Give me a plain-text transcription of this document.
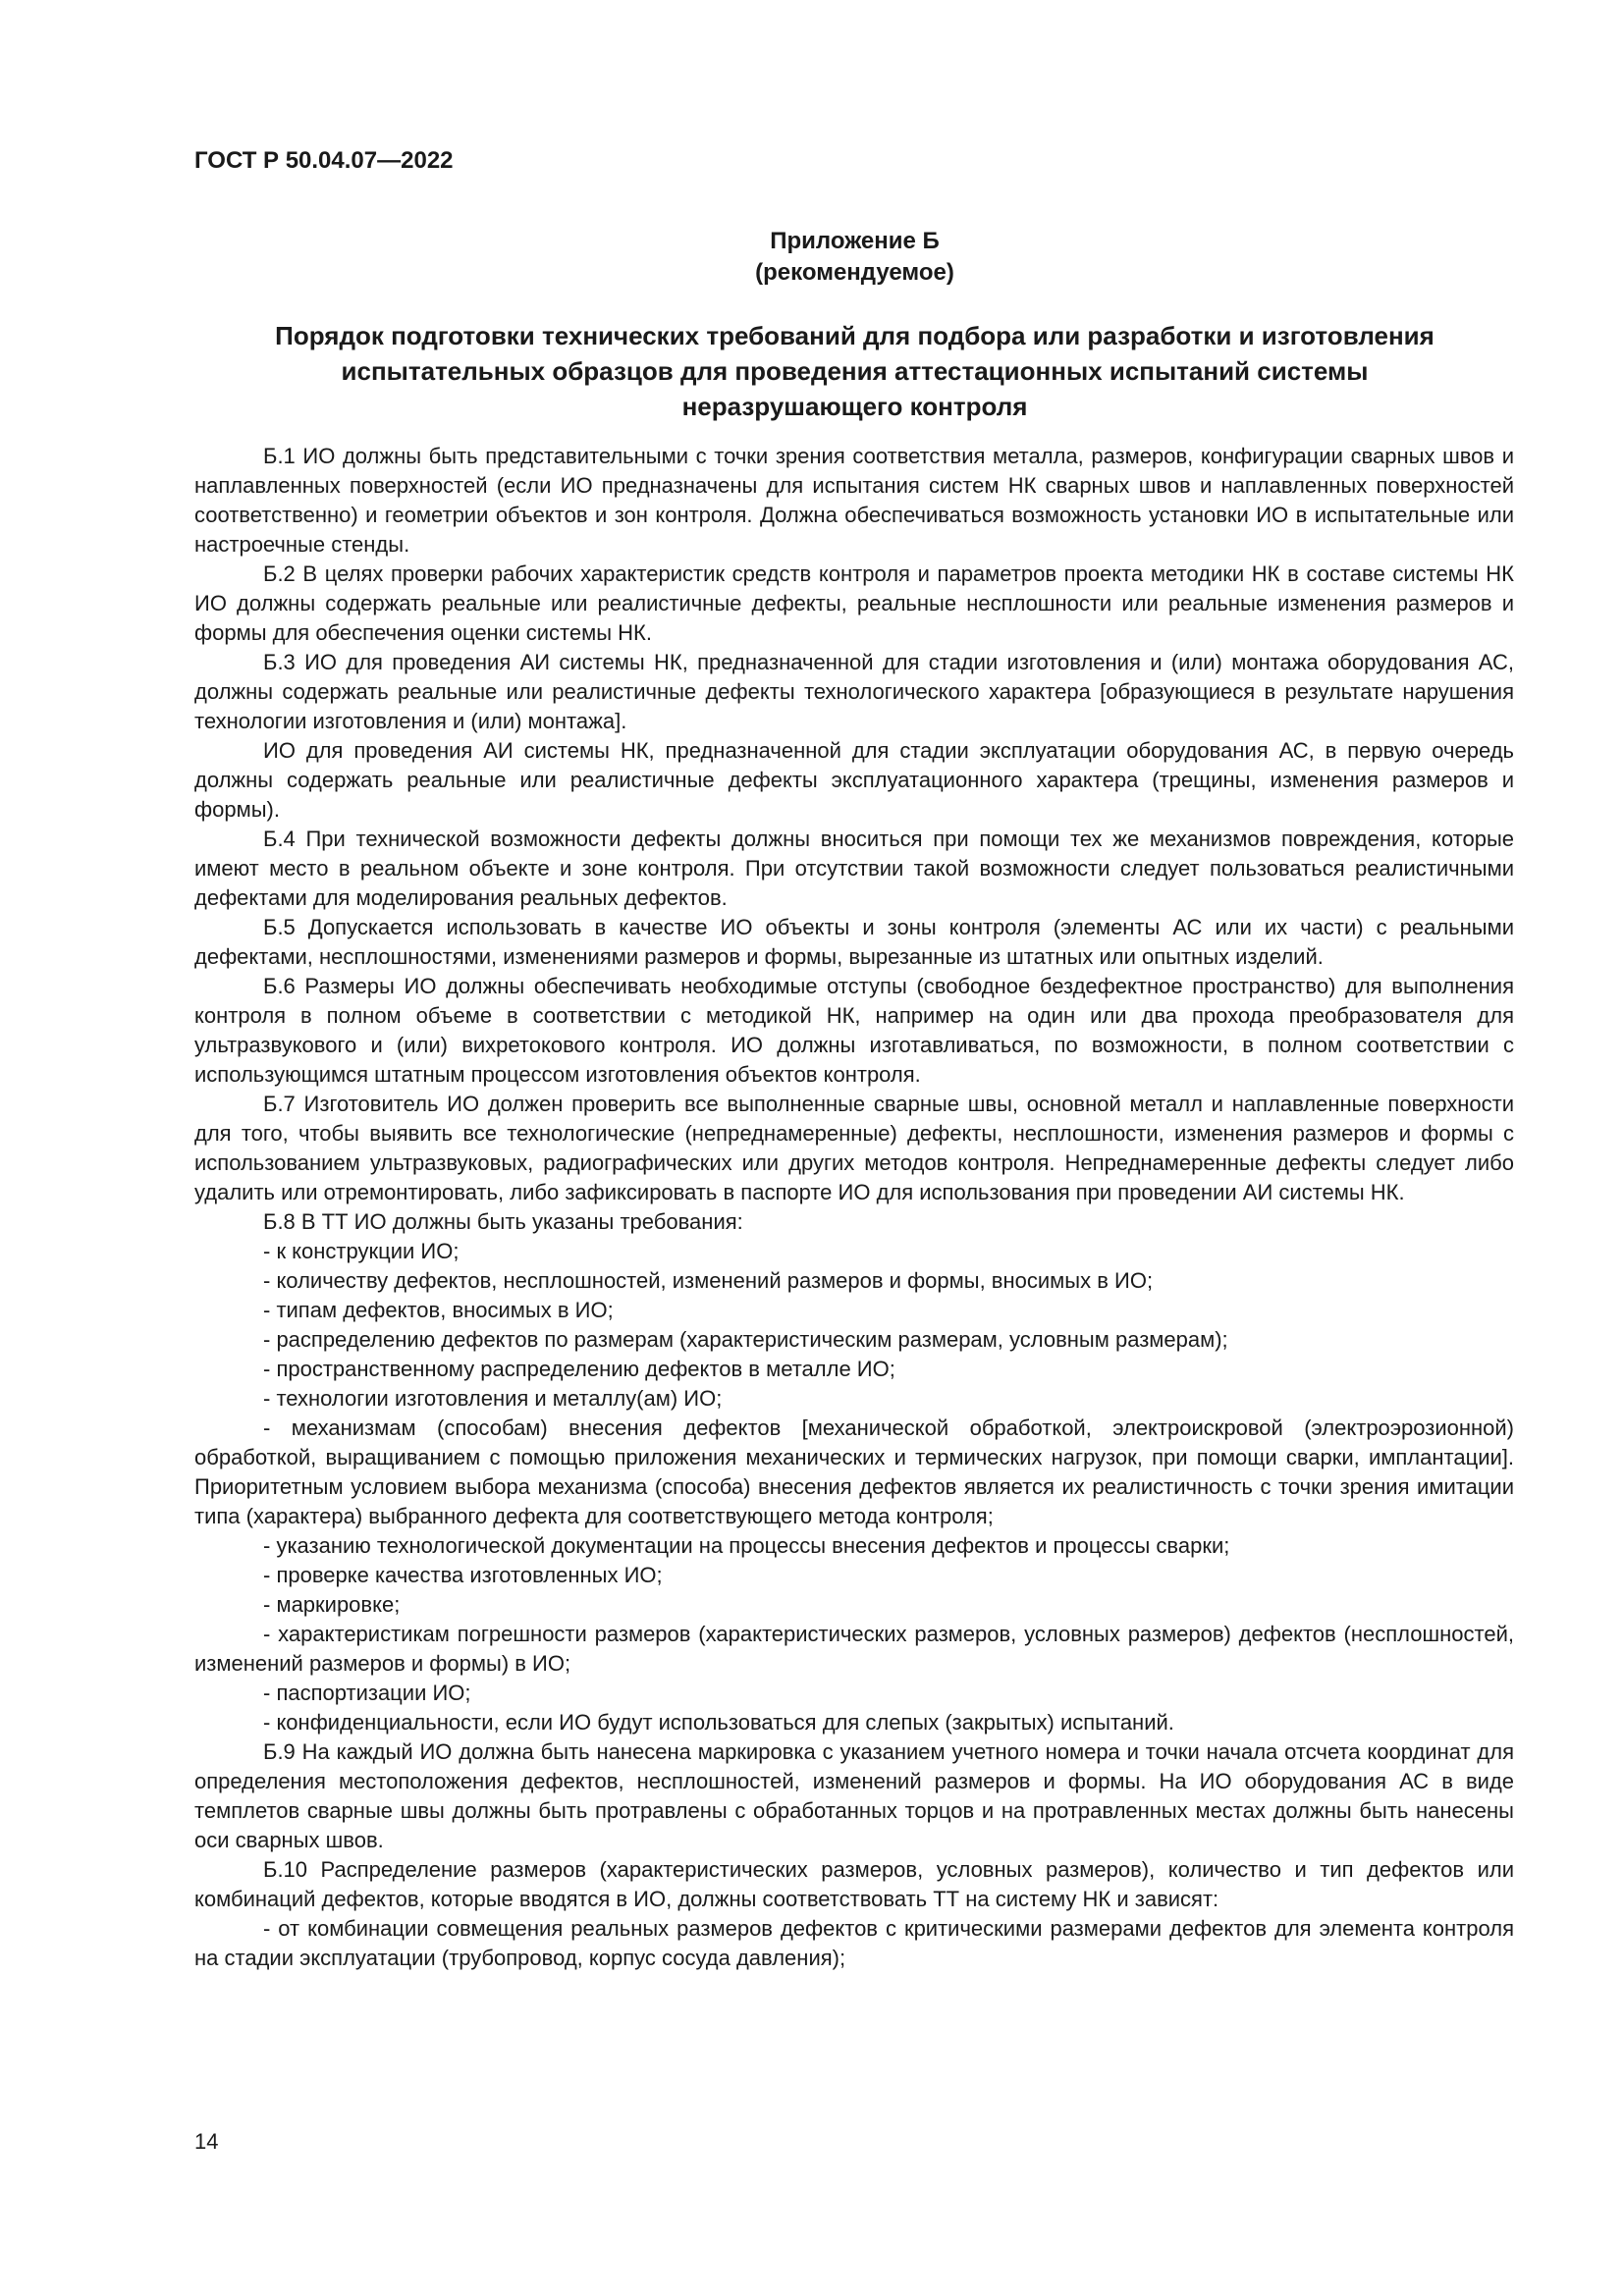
ГОСТ Р 50.04.07—2022
Приложение Б
(рекомендуемое)
Порядок подготовки технических требований для подбора или разработки и изготовления
испытательных образцов для проведения аттестационных испытаний системы
неразрушающего контроля

Б.1 ИО должны быть представительными с точки зрения соответствия металла, размеров, конфигурации сварных швов и наплавленных поверхностей (если ИО предназначены для испытания систем НК сварных швов и наплавленных поверхностей соответственно) и геометрии объектов и зон контроля. Должна обеспечиваться возможность установки ИО в испытательные или настроечные стенды.

Б.2 В целях проверки рабочих характеристик средств контроля и параметров проекта методики НК в составе системы НК ИО должны содержать реальные или реалистичные дефекты, реальные несплошности или реальные изменения размеров и формы для обеспечения оценки системы НК.

Б.3 ИО для проведения АИ системы НК, предназначенной для стадии изготовления и (или) монтажа оборудования АС, должны содержать реальные или реалистичные дефекты технологического характера [образующиеся в результате нарушения технологии изготовления и (или) монтажа].

ИО для проведения АИ системы НК, предназначенной для стадии эксплуатации оборудования АС, в первую очередь должны содержать реальные или реалистичные дефекты эксплуатационного характера (трещины, изменения размеров и формы).

Б.4 При технической возможности дефекты должны вноситься при помощи тех же механизмов повреждения, которые имеют место в реальном объекте и зоне контроля. При отсутствии такой возможности следует пользоваться реалистичными дефектами для моделирования реальных дефектов.

Б.5 Допускается использовать в качестве ИО объекты и зоны контроля (элементы АС или их части) с реальными дефектами, несплошностями, изменениями размеров и формы, вырезанные из штатных или опытных изделий.

Б.6 Размеры ИО должны обеспечивать необходимые отступы (свободное бездефектное пространство) для выполнения контроля в полном объеме в соответствии с методикой НК, например на один или два прохода преобразователя для ультразвукового и (или) вихретокового контроля. ИО должны изготавливаться, по возможности, в полном соответствии с использующимся штатным процессом изготовления объектов контроля.

Б.7 Изготовитель ИО должен проверить все выполненные сварные швы, основной металл и наплавленные поверхности для того, чтобы выявить все технологические (непреднамеренные) дефекты, несплошности, изменения размеров и формы с использованием ультразвуковых, радиографических или других методов контроля. Непреднамеренные дефекты следует либо удалить или отремонтировать, либо зафиксировать в паспорте ИО для использования при проведении АИ системы НК.

Б.8 В ТТ ИО должны быть указаны требования:

- к конструкции ИО;

- количеству дефектов, несплошностей, изменений размеров и формы, вносимых в ИО;

- типам дефектов, вносимых в ИО;

- распределению дефектов по размерам (характеристическим размерам, условным размерам);

- пространственному распределению дефектов в металле ИО;

- технологии изготовления и металлу(ам) ИО;

- механизмам (способам) внесения дефектов [механической обработкой, электроискровой (электроэрозионной) обработкой, выращиванием с помощью приложения механических и термических нагрузок, при помощи сварки, имплантации]. Приоритетным условием выбора механизма (способа) внесения дефектов является их реалистичность с точки зрения имитации типа (характера) выбранного дефекта для соответствующего метода контроля;

- указанию технологической документации на процессы внесения дефектов и процессы сварки;

- проверке качества изготовленных ИО;

- маркировке;

- характеристикам погрешности размеров (характеристических размеров, условных размеров) дефектов (несплошностей, изменений размеров и формы) в ИО;

- паспортизации ИО;

- конфиденциальности, если ИО будут использоваться для слепых (закрытых) испытаний.

Б.9 На каждый ИО должна быть нанесена маркировка с указанием учетного номера и точки начала отсчета координат для определения местоположения дефектов, несплошностей, изменений размеров и формы. На ИО оборудования АС в виде темплетов сварные швы должны быть протравлены с обработанных торцов и на протравленных местах должны быть нанесены оси сварных швов.

Б.10 Распределение размеров (характеристических размеров, условных размеров), количество и тип дефектов или комбинаций дефектов, которые вводятся в ИО, должны соответствовать ТТ на систему НК и зависят:

- от комбинации совмещения реальных размеров дефектов с критическими размерами дефектов для элемента контроля на стадии эксплуатации (трубопровод, корпус сосуда давления);

14
